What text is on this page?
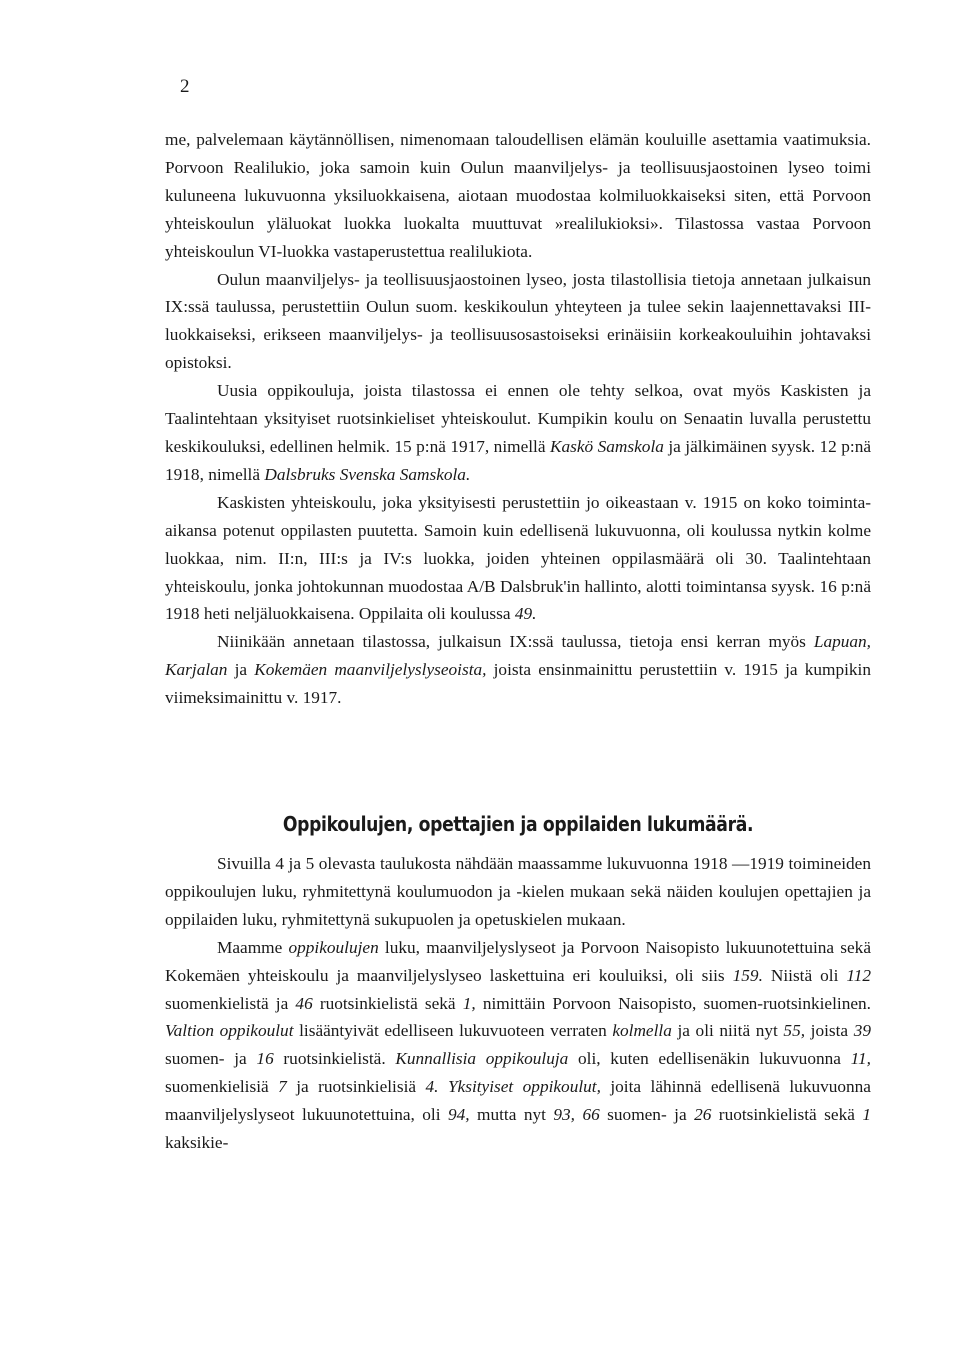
2

me, palvelemaan käytännöllisen, nimenomaan taloudellisen elämän kouluille asettamia vaatimuksia. Porvoon Realilukio, joka samoin kuin Oulun maanviljelys- ja teollisuusjaostoinen lyseo toimi kuluneena lukuvuonna yksiluokkaisena, aiotaan muodostaa kolmiluokkaiseksi siten, että Porvoon yhteiskoulun yläluokat luokka luokalta muuttuvat »realilukioksi». Tilastossa vastaa Porvoon yhteiskoulun VI-luokka vastaperustettua realilukiota.

Oulun maanviljelys- ja teollisuusjaostoinen lyseo, josta tilastollisia tietoja annetaan julkaisun IX:ssä taulussa, perustettiin Oulun suom. keskikoulun yhteyteen ja tulee sekin laajennettavaksi III-luokkaiseksi, erikseen maanviljelys- ja teollisuusosastoiseksi erinäisiin korkeakouluihin johtavaksi opistoksi.

Uusia oppikouluja, joista tilastossa ei ennen ole tehty selkoa, ovat myös Kaskisten ja Taalintehtaan yksityiset ruotsinkieliset yhteiskoulut. Kumpikin koulu on Senaatin luvalla perustettu keskikouluksi, edellinen helmik. 15 p:nä 1917, nimellä Kaskö Samskola ja jälkimäinen syysk. 12 p:nä 1918, nimellä Dalsbruks Svenska Samskola.

Kaskisten yhteiskoulu, joka yksityisesti perustettiin jo oikeastaan v. 1915 on koko toiminta-aikansa potenut oppilasten puutetta. Samoin kuin edellisenä lukuvuonna, oli koulussa nytkin kolme luokkaa, nim. II:n, III:s ja IV:s luokka, joiden yhteinen oppilasmäärä oli 30. Taalintehtaan yhteiskoulu, jonka johtokunnan muodostaa A/B Dalsbruk'in hallinto, alotti toimintansa syysk. 16 p:nä 1918 heti neljäluokkaisena. Oppilaita oli koulussa 49.

Niinikään annetaan tilastossa, julkaisun IX:ssä taulussa, tietoja ensi kerran myös Lapuan, Karjalan ja Kokemäen maanviljelyslyseoista, joista ensinmainittu perustettiin v. 1915 ja kumpikin viimeksimainittu v. 1917.

Oppikoulujen, opettajien ja oppilaiden lukumäärä.

Sivuilla 4 ja 5 olevasta taulukosta nähdään maassamme lukuvuonna 1918 —1919 toimineiden oppikoulujen luku, ryhmitettynä koulumuodon ja -kielen mukaan sekä näiden koulujen opettajien ja oppilaiden luku, ryhmitettynä sukupuolen ja opetuskielen mukaan.

Maamme oppikoulujen luku, maanviljelyslyseot ja Porvoon Naisopisto lukuunotettuina sekä Kokemäen yhteiskoulu ja maanviljelyslyseo laskettuina eri kouluiksi, oli siis 159. Niistä oli 112 suomenkielistä ja 46 ruotsinkielistä sekä 1, nimittäin Porvoon Naisopisto, suomen-ruotsinkielinen. Valtion oppikoulut lisääntyivät edelliseen lukuvuoteen verraten kolmella ja oli niitä nyt 55, joista 39 suomen- ja 16 ruotsinkielistä. Kunnallisia oppikouluja oli, kuten edellisenäkin lukuvuonna 11, suomenkielisiä 7 ja ruotsinkielisiä 4. Yksityiset oppikoulut, joita lähinnä edellisenä lukuvuonna maanviljelyslyseot lukuunotettuina, oli 94, mutta nyt 93, 66 suomen- ja 26 ruotsinkielistä sekä 1 kaksikie-
